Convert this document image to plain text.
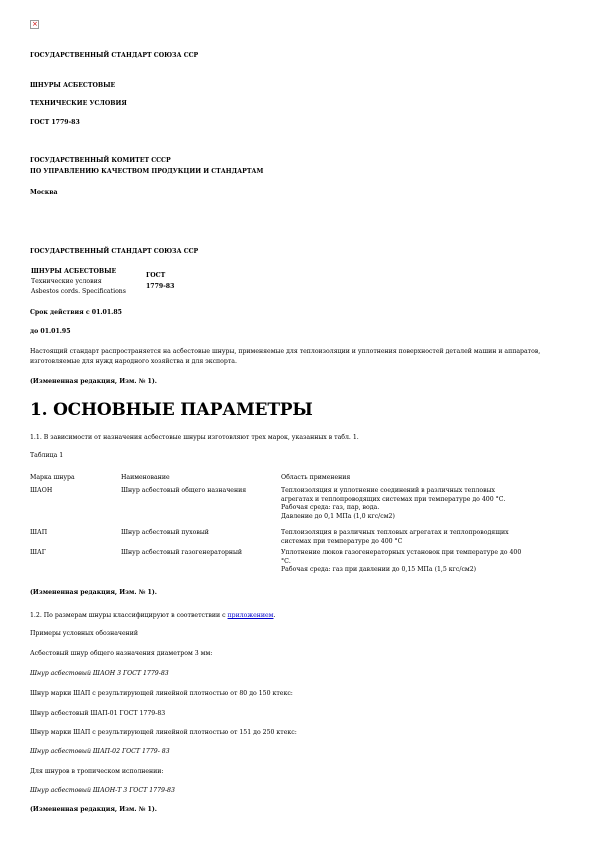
×
ГОСУДАРСТВЕННЫЙ СТАНДАРТ СОЮЗА ССР
ШНУРЫ АСБЕСТОВЫЕ
ТЕХНИЧЕСКИЕ УСЛОВИЯ
ГОСТ 1779-83
ГОСУДАРСТВЕННЫЙ КОМИТЕТ СССР
ПО УПРАВЛЕНИЮ КАЧЕСТВОМ ПРОДУКЦИИ И СТАНДАРТАМ
Москва
ГОСУДАРСТВЕННЫЙ СТАНДАРТ СОЮЗА ССР
ШНУРЫ АСБЕСТОВЫЕ
Технические условия
Asbestos cords. Specifications
ГОСТ
1779-83
Срок действия с 01.01.85
до 01.01.95
Настоящий стандарт распространяется на асбестовые шнуры, применяемые для теплоизоляции и уплотнения поверхностей деталей машин и аппаратов, изготовляемые для нужд народного хозяйства и для экспорта.
(Измененная редакция, Изм. № 1).
1. ОСНОВНЫЕ ПАРАМЕТРЫ
1.1. В зависимости от назначения асбестовые шнуры изготовляют трех марок, указанных в табл. 1.
Таблица 1
Марка шнура	Наименование	Область применения
ШАОН	Шнур асбестовый общего назначения	Теплоизоляция и уплотнение соединений в различных тепловых
агрегатах и теплопроводящих системах при температуре до 400 °С.
Рабочая среда: газ, пар, вода.
Давление до 0,1 МПа (1,0 кгс/см2)
ШАП	Шнур асбестовый пуховый	Теплоизоляция в различных тепловых агрегатах и теплопроводящих
системах при температуре до 400 °С
ШАГ	Шнур асбестовый газогенераторный	Уплотнение люков газогенераторных установок при температуре до 400
°С.
Рабочая среда: газ при давлении до 0,15 МПа (1,5 кгс/см2)
(Измененная редакция, Изм. № 1).
1.2. По размерам шнуры классифицируют в соответствии с приложением.
Примеры условных обозначений
Асбестовый шнур общего назначения диаметром 3 мм:
Шнур асбестовый ШАОН 3 ГОСТ 1779-83
Шнур марки ШАП с результирующей линейной плотностью от 80 до 150 ктекс:
Шнур асбестовый ШАП-01 ГОСТ 1779-83
Шнур марки ШАП с результирующей линейной плотностью от 151 до 250 ктекс:
Шнур асбестовый ШАП-02 ГОСТ 1779- 83
Для шнуров в тропическом исполнении:
Шнур асбестовый ШАОН-Т 3 ГОСТ 1779-83
(Измененная редакция, Изм. № 1).
